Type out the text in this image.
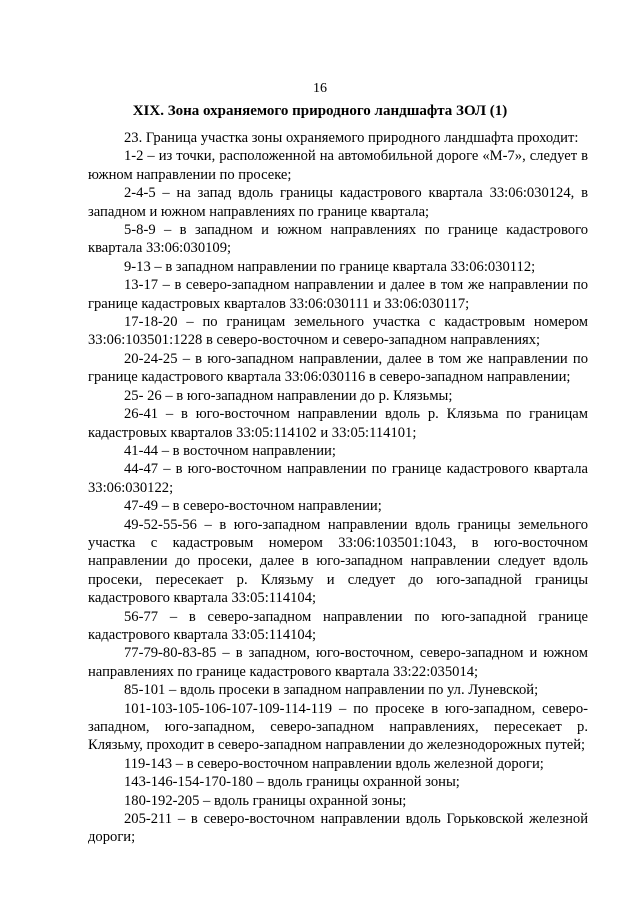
16
XIX. Зона охраняемого природного ландшафта ЗОЛ (1)

23. Граница участка зоны охраняемого природного ландшафта проходит:

1-2 – из точки, расположенной на автомобильной дороге «М-7», следует в южном направлении по просеке;

2-4-5 – на запад вдоль границы кадастрового квартала 33:06:030124, в западном и южном направлениях по границе квартала;

5-8-9 – в западном и южном направлениях по границе кадастрового квартала 33:06:030109;

9-13 – в западном направлении по границе квартала 33:06:030112;

13-17 – в северо-западном направлении и далее в том же направлении по границе кадастровых кварталов 33:06:030111 и 33:06:030117;

17-18-20 – по границам земельного участка с кадастровым номером 33:06:103501:1228 в северо-восточном и северо-западном направлениях;

20-24-25 – в юго-западном направлении, далее в том же направлении по границе кадастрового квартала 33:06:030116 в северо-западном направлении;

25- 26 – в юго-западном направлении до р. Клязьмы;

26-41 – в юго-восточном направлении вдоль р. Клязьма по границам кадастровых кварталов 33:05:114102 и 33:05:114101;

41-44 – в восточном направлении;

44-47 – в юго-восточном направлении по границе кадастрового квартала 33:06:030122;

47-49 – в северо-восточном направлении;

49-52-55-56 – в юго-западном направлении вдоль границы земельного участка с кадастровым номером 33:06:103501:1043, в юго-восточном направлении до просеки, далее в юго-западном направлении следует вдоль просеки, пересекает р. Клязьму и следует до юго-западной границы кадастрового квартала 33:05:114104;

56-77 – в северо-западном направлении по юго-западной границе кадастрового квартала 33:05:114104;

77-79-80-83-85 – в западном, юго-восточном, северо-западном и южном направлениях по границе кадастрового квартала 33:22:035014;

85-101 – вдоль просеки в западном направлении по ул. Луневской;

101-103-105-106-107-109-114-119 – по просеке в юго-западном, северо-западном, юго-западном, северо-западном направлениях, пересекает р. Клязьму, проходит в северо-западном направлении до железнодорожных путей;

119-143 – в северо-восточном направлении вдоль железной дороги;

143-146-154-170-180 – вдоль границы охранной зоны;

180-192-205 – вдоль границы охранной зоны;

205-211 – в северо-восточном направлении вдоль Горьковской железной дороги;
